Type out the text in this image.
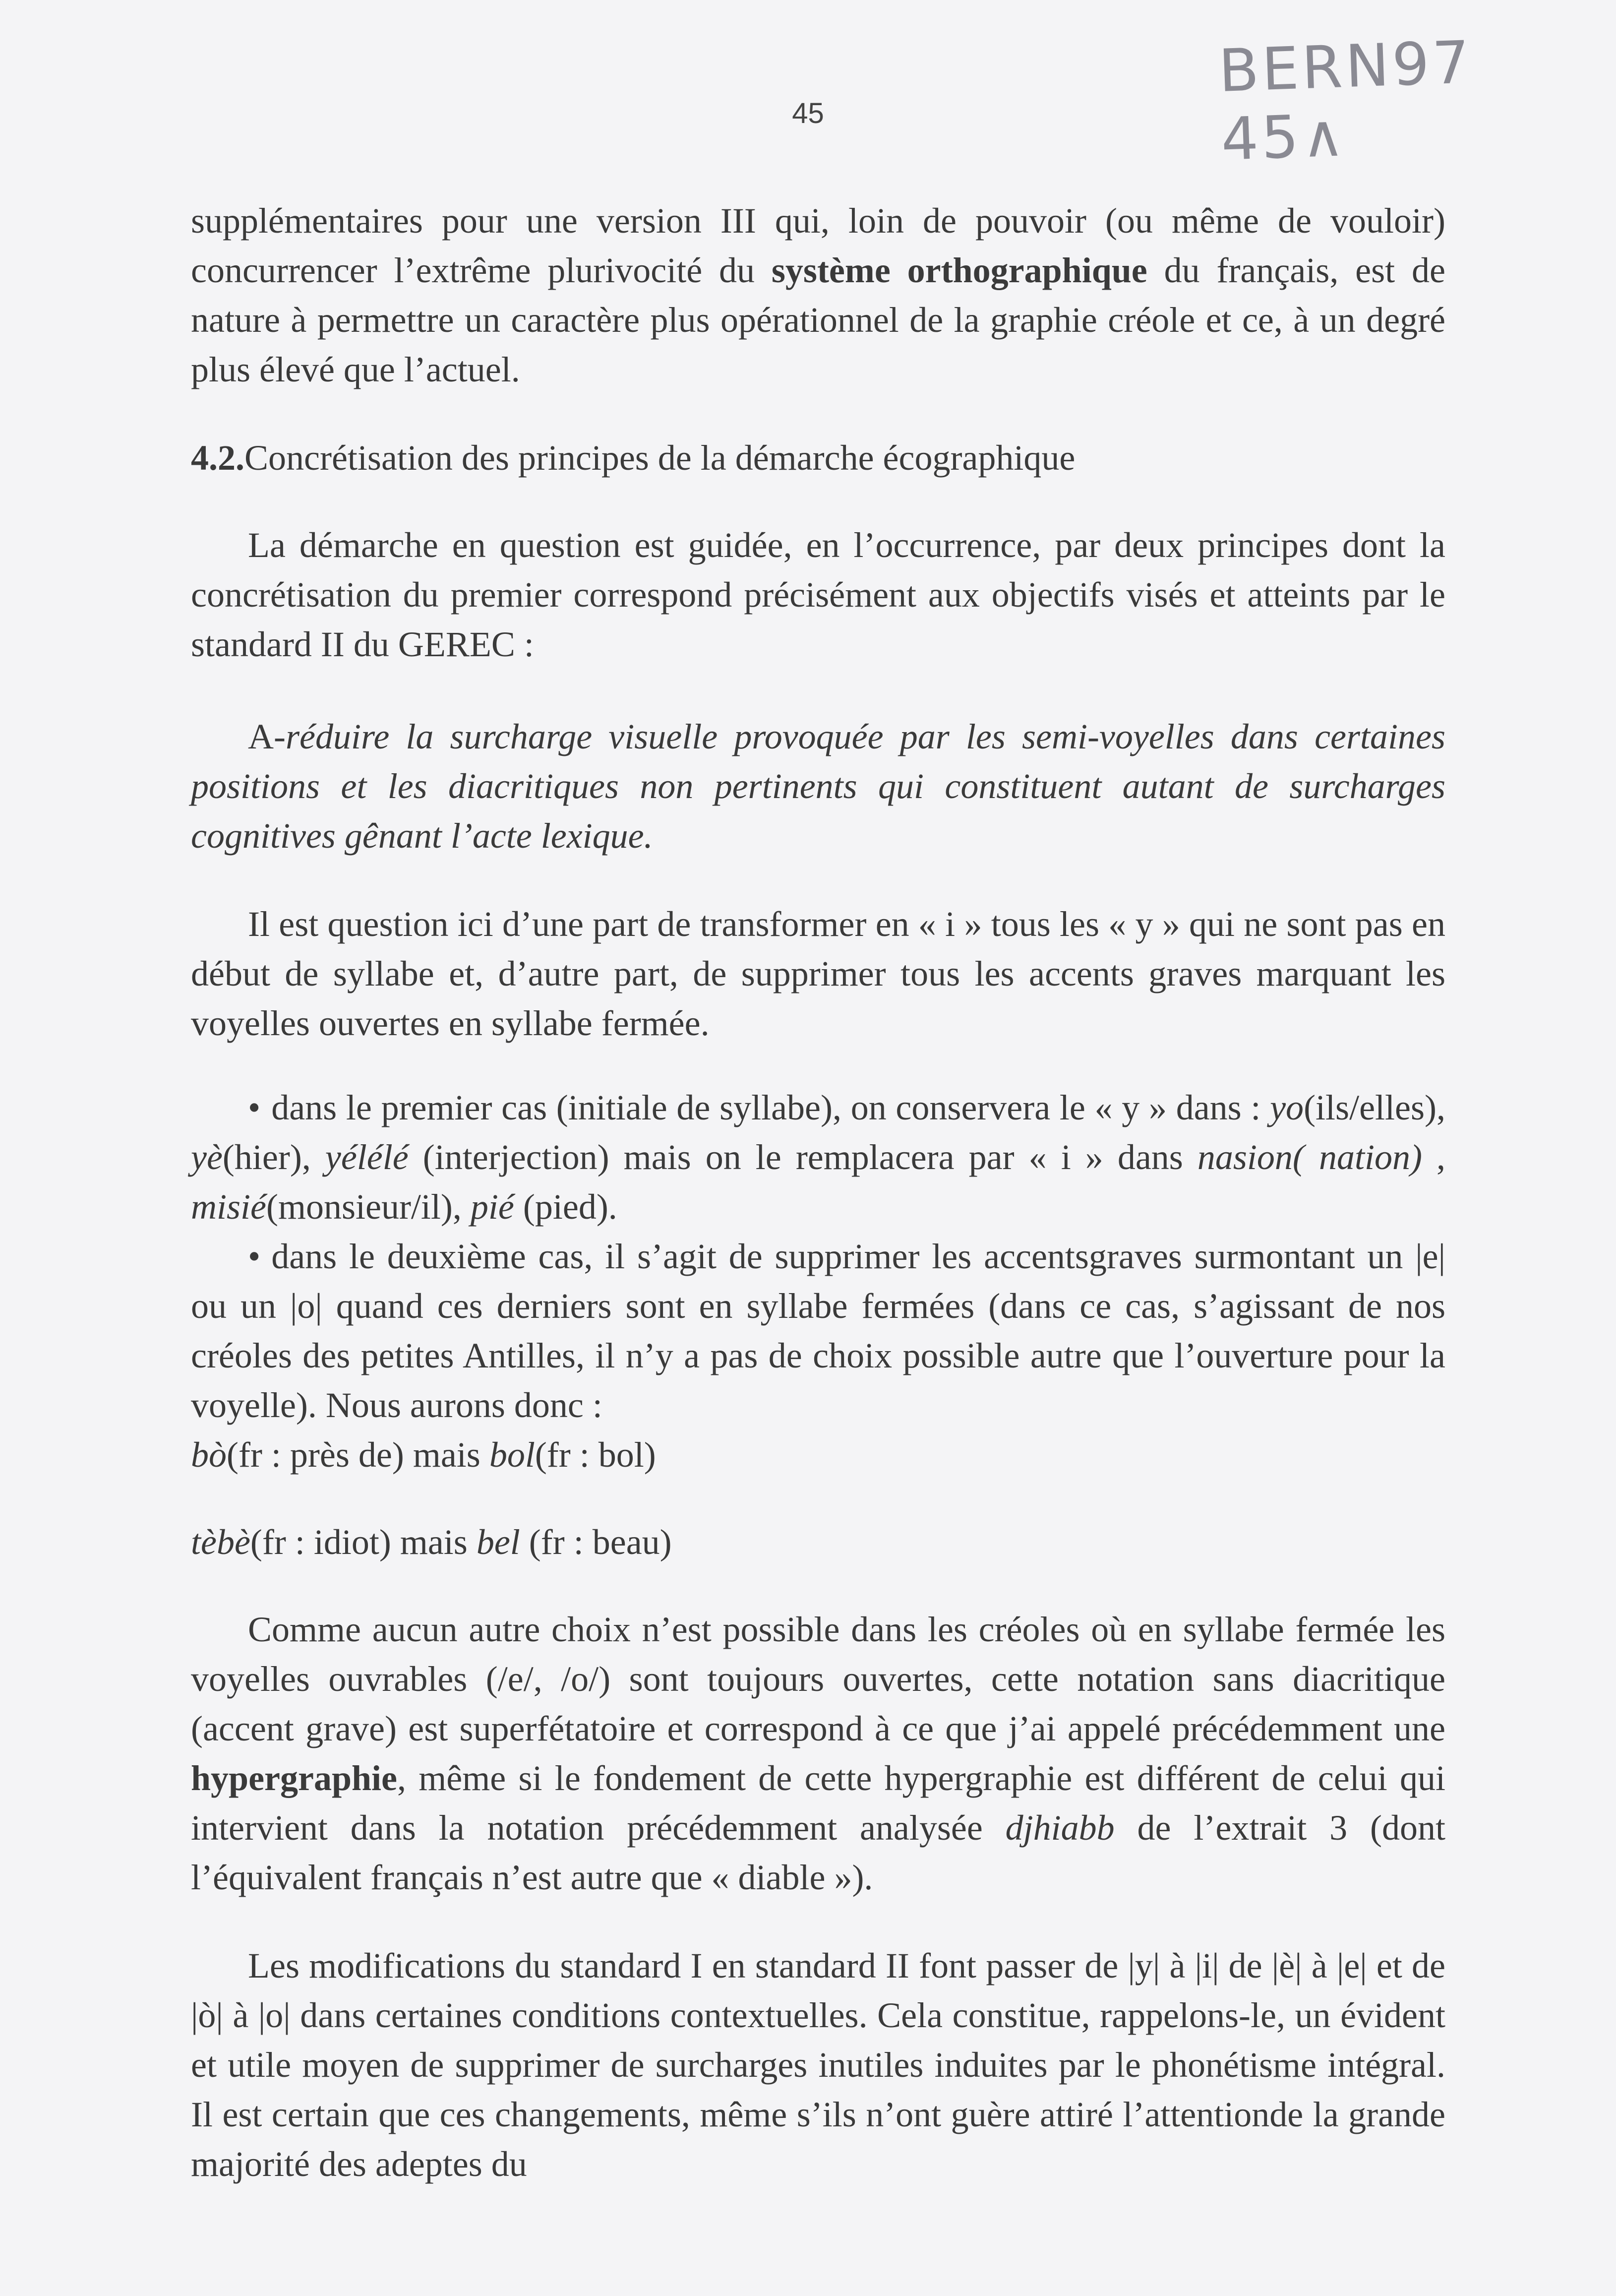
BERN97 45∧
45

supplémentaires pour une version III qui, loin de pouvoir (ou même de vouloir) concurrencer l’extrême plurivocité du système orthographique du français, est de nature à permettre un caractère plus opérationnel de la graphie créole et ce, à un degré plus élevé que l’actuel.

4.2.Concrétisation des principes de la démarche écographique

La démarche en question est guidée, en l’occurrence, par deux principes dont la concrétisation du premier correspond précisément aux objectifs visés et atteints par le standard II du GEREC :

A-réduire la surcharge visuelle provoquée par les semi-voyelles dans certaines positions et les diacritiques non pertinents qui constituent autant de surcharges cognitives gênant l’acte lexique.

Il est question ici d’une part de transformer en « i » tous les « y » qui ne sont pas en début de syllabe et, d’autre part, de supprimer tous les accents graves marquant les voyelles ouvertes en syllabe fermée.

• dans le premier cas (initiale de syllabe), on conservera le « y » dans : yo(ils/elles), yè(hier), yélélé (interjection) mais on le remplacera par « i » dans nasion( nation) , misié(monsieur/il), pié (pied).

• dans le deuxième cas, il s’agit de supprimer les accentsgraves surmontant un |e| ou un |o| quand ces derniers sont en syllabe fermées (dans ce cas, s’agissant de nos créoles des petites Antilles, il n’y a pas de choix possible autre que l’ouverture pour la voyelle). Nous aurons donc :

bò(fr : près de) mais bol(fr : bol)

tèbè(fr : idiot) mais bel (fr : beau)

Comme aucun autre choix n’est possible dans les créoles où en syllabe fermée les voyelles ouvrables (/e/, /o/) sont toujours ouvertes, cette notation sans diacritique (accent grave) est superfétatoire et correspond à ce que j’ai appelé précédemment une hypergraphie, même si le fondement de cette hypergraphie est différent de celui qui intervient dans la notation précédemment analysée djhiabb de l’extrait 3 (dont l’équivalent français n’est autre que « diable »).

Les modifications du standard I en standard II font passer de |y| à |i| de |è| à |e| et de |ò| à |o| dans certaines conditions contextuelles. Cela constitue, rappelons-le, un évident et utile moyen de supprimer de surcharges inutiles induites par le phonétisme intégral. Il est certain que ces changements, même s’ils n’ont guère attiré l’attentionde la grande majorité des adeptes du
